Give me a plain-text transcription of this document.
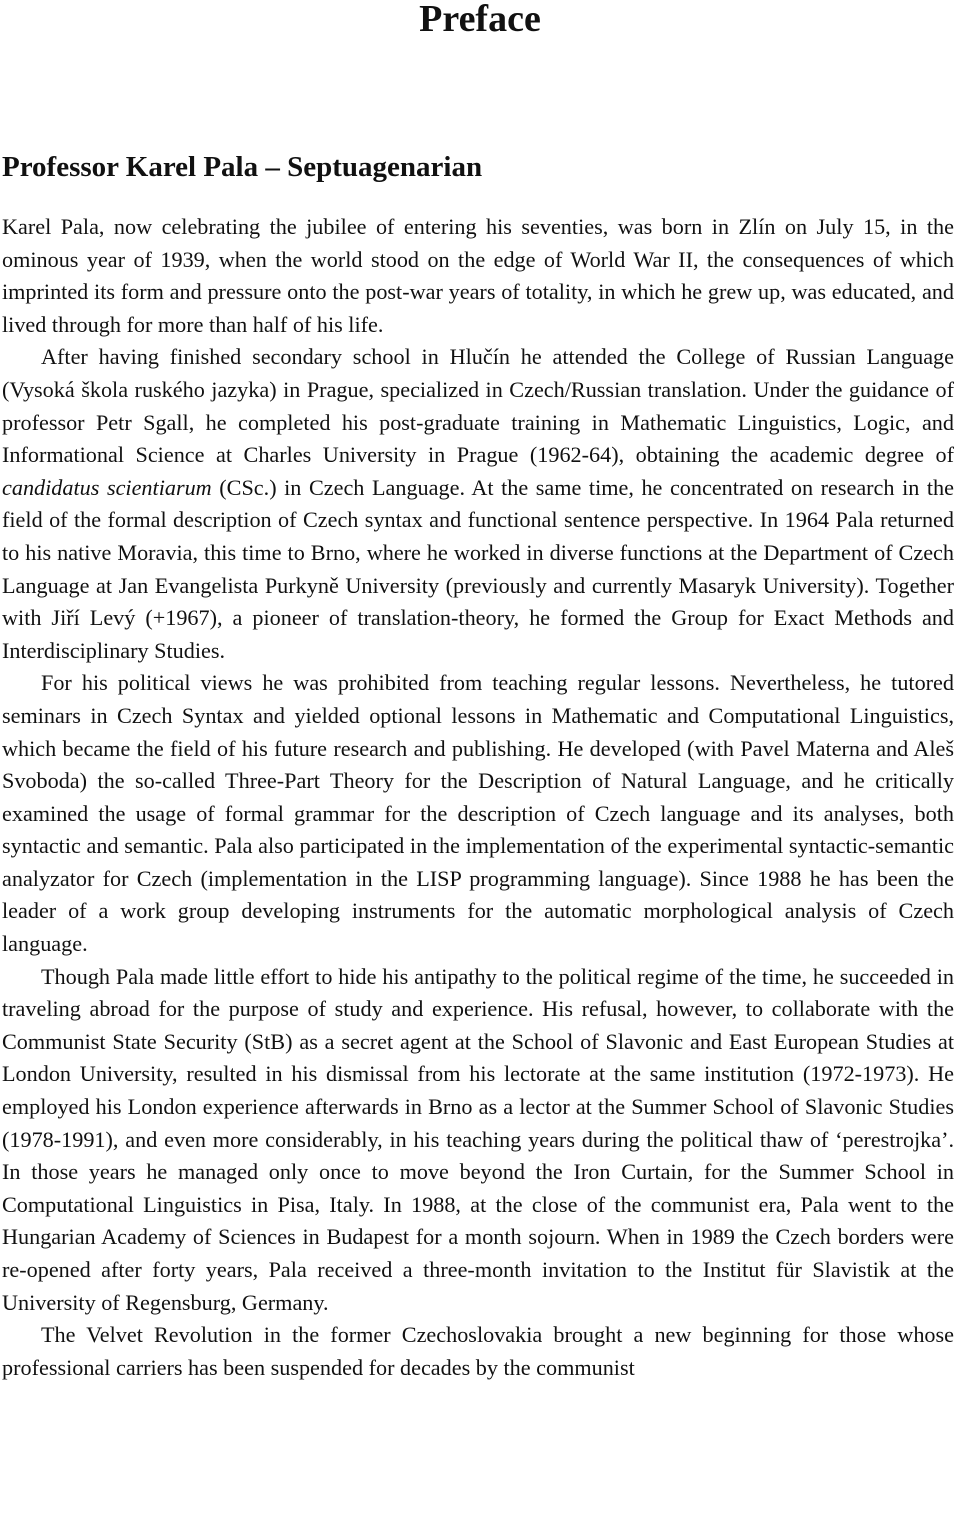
Preface
Professor Karel Pala – Septuagenarian

Karel Pala, now celebrating the jubilee of entering his seventies, was born in Zlín on July 15, in the ominous year of 1939, when the world stood on the edge of World War II, the consequences of which imprinted its form and pressure onto the post-war years of totality, in which he grew up, was educated, and lived through for more than half of his life.

After having finished secondary school in Hlučín he attended the College of Russian Language (Vysoká škola ruského jazyka) in Prague, specialized in Czech/Russian translation. Under the guidance of professor Petr Sgall, he completed his post-graduate training in Mathematic Linguistics, Logic, and Informational Science at Charles University in Prague (1962-64), obtaining the academic degree of candidatus scientiarum (CSc.) in Czech Language. At the same time, he concentrated on research in the field of the formal description of Czech syntax and functional sentence perspective. In 1964 Pala returned to his native Moravia, this time to Brno, where he worked in diverse functions at the Department of Czech Language at Jan Evangelista Purkyně University (previously and currently Masaryk University). Together with Jiří Levý (+1967), a pioneer of translation-theory, he formed the Group for Exact Methods and Interdisciplinary Studies.

For his political views he was prohibited from teaching regular lessons. Nevertheless, he tutored seminars in Czech Syntax and yielded optional lessons in Mathematic and Computational Linguistics, which became the field of his future research and publishing. He developed (with Pavel Materna and Aleš Svoboda) the so-called Three-Part Theory for the Description of Natural Language, and he critically examined the usage of formal grammar for the description of Czech language and its analyses, both syntactic and semantic. Pala also participated in the implementation of the experimental syntactic-semantic analyzator for Czech (implementation in the LISP programming language). Since 1988 he has been the leader of a work group developing instruments for the automatic morphological analysis of Czech language.

Though Pala made little effort to hide his antipathy to the political regime of the time, he succeeded in traveling abroad for the purpose of study and experience. His refusal, however, to collaborate with the Communist State Security (StB) as a secret agent at the School of Slavonic and East European Studies at London University, resulted in his dismissal from his lectorate at the same institution (1972-1973). He employed his London experience afterwards in Brno as a lector at the Summer School of Slavonic Studies (1978-1991), and even more considerably, in his teaching years during the political thaw of ‘perestrojka’. In those years he managed only once to move beyond the Iron Curtain, for the Summer School in Computational Linguistics in Pisa, Italy. In 1988, at the close of the communist era, Pala went to the Hungarian Academy of Sciences in Budapest for a month sojourn. When in 1989 the Czech borders were re-opened after forty years, Pala received a three-month invitation to the Institut für Slavistik at the University of Regensburg, Germany.

The Velvet Revolution in the former Czechoslovakia brought a new beginning for those whose professional carriers has been suspended for decades by the communist
